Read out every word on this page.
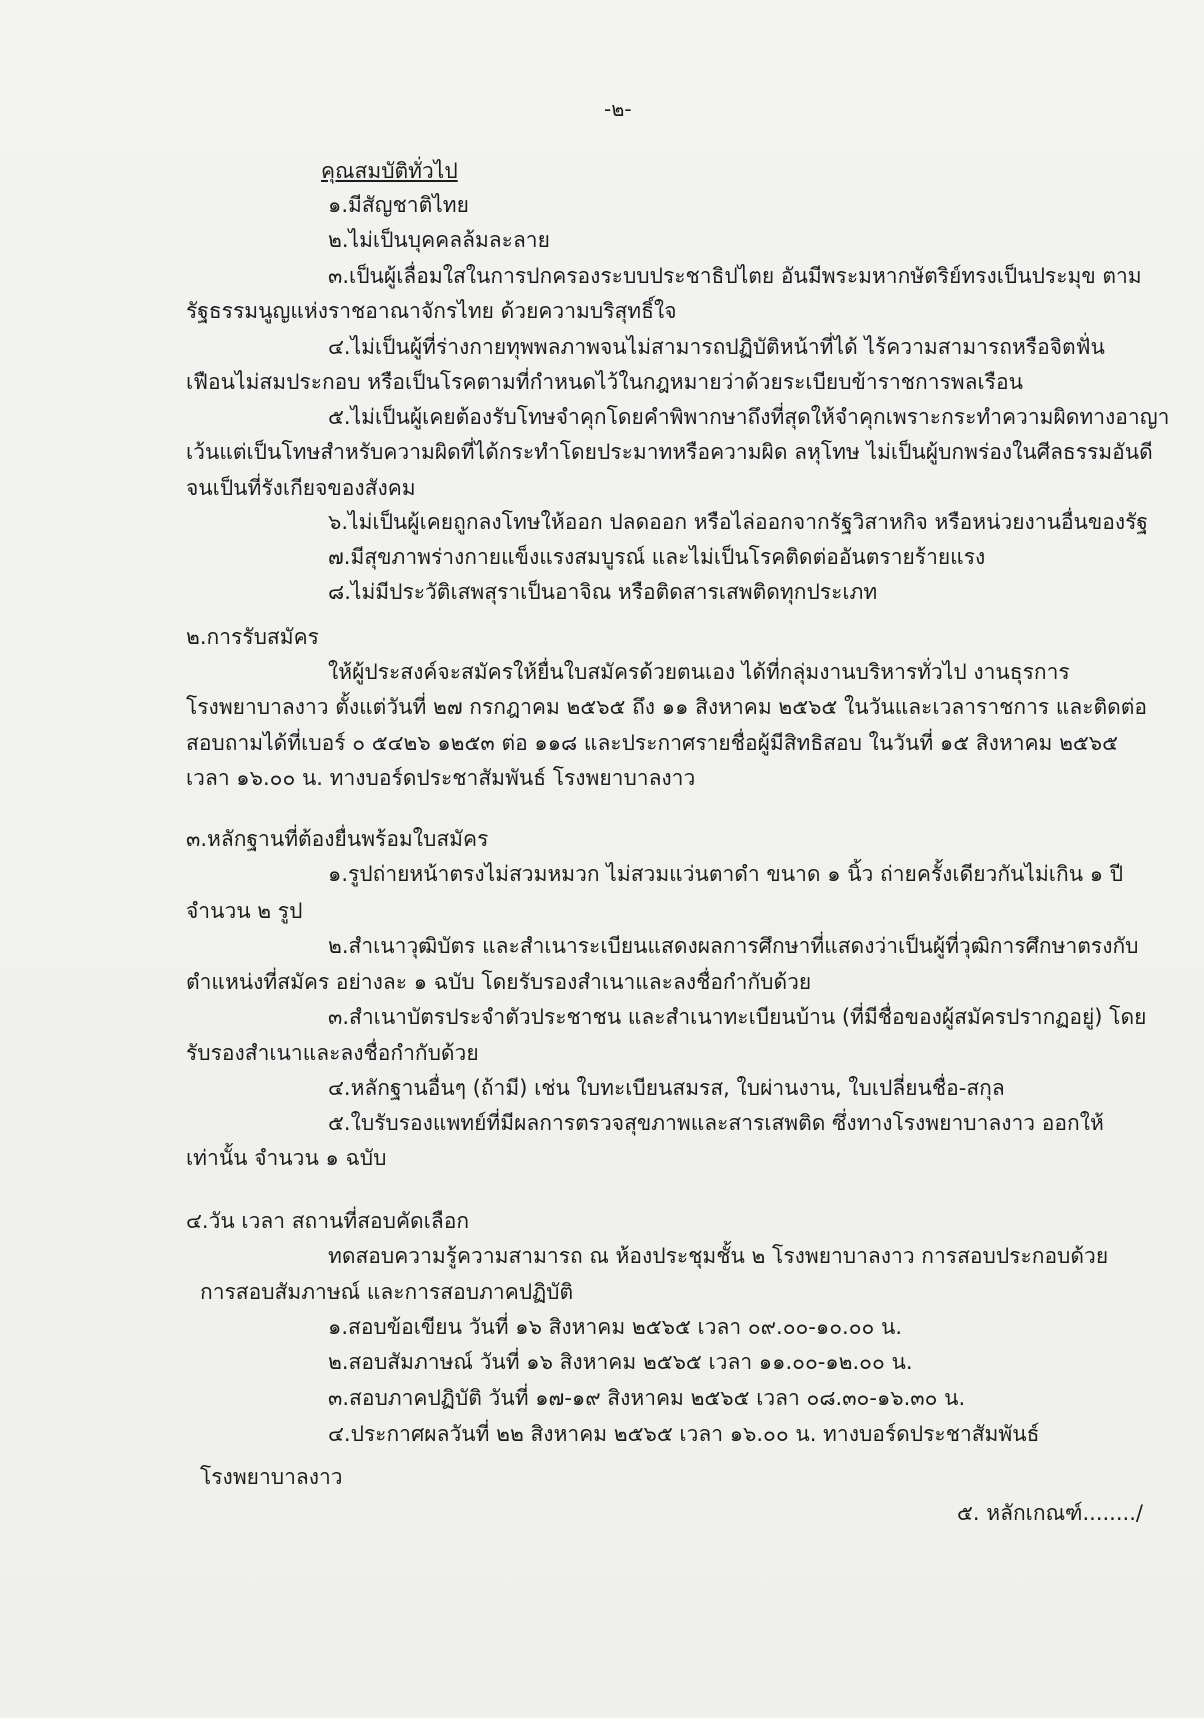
-๒-
คุณสมบัติทั่วไป
๑.มีสัญชาติไทย
๒.ไม่เป็นบุคคลล้มละลาย
๓.เป็นผู้เลื่อมใสในการปกครองระบบประชาธิปไตย อันมีพระมหากษัตริย์ทรงเป็นประมุข ตาม
รัฐธรรมนูญแห่งราชอาณาจักรไทย ด้วยความบริสุทธิ์ใจ
๔.ไม่เป็นผู้ที่ร่างกายทุพพลภาพจนไม่สามารถปฏิบัติหน้าที่ได้ ไร้ความสามารถหรือจิตฟั่น
เฟือนไม่สมประกอบ หรือเป็นโรคตามที่กำหนดไว้ในกฎหมายว่าด้วยระเบียบข้าราชการพลเรือน
๕.ไม่เป็นผู้เคยต้องรับโทษจำคุกโดยคำพิพากษาถึงที่สุดให้จำคุกเพราะกระทำความผิดทางอาญา
เว้นแต่เป็นโทษสำหรับความผิดที่ได้กระทำโดยประมาทหรือความผิด ลหุโทษ ไม่เป็นผู้บกพร่องในศีลธรรมอันดี
จนเป็นที่รังเกียจของสังคม
๖.ไม่เป็นผู้เคยถูกลงโทษให้ออก ปลดออก หรือไล่ออกจากรัฐวิสาหกิจ หรือหน่วยงานอื่นของรัฐ
๗.มีสุขภาพร่างกายแข็งแรงสมบูรณ์ และไม่เป็นโรคติดต่ออันตรายร้ายแรง
๘.ไม่มีประวัติเสพสุราเป็นอาจิณ หรือติดสารเสพติดทุกประเภท
๒.การรับสมัคร
ให้ผู้ประสงค์จะสมัครให้ยื่นใบสมัครด้วยตนเอง ได้ที่กลุ่มงานบริหารทั่วไป งานธุรการ
โรงพยาบาลงาว ตั้งแต่วันที่ ๒๗ กรกฎาคม ๒๕๖๕ ถึง ๑๑ สิงหาคม ๒๕๖๕ ในวันและเวลาราชการ และติดต่อ
สอบถามได้ที่เบอร์ ๐ ๕๔๒๖ ๑๒๕๓ ต่อ ๑๑๘ และประกาศรายชื่อผู้มีสิทธิสอบ ในวันที่ ๑๕ สิงหาคม ๒๕๖๕
เวลา ๑๖.๐๐ น. ทางบอร์ดประชาสัมพันธ์ โรงพยาบาลงาว
๓.หลักฐานที่ต้องยื่นพร้อมใบสมัคร
๑.รูปถ่ายหน้าตรงไม่สวมหมวก ไม่สวมแว่นตาดำ ขนาด ๑ นิ้ว ถ่ายครั้งเดียวกันไม่เกิน ๑ ปี
จำนวน ๒ รูป
๒.สำเนาวุฒิบัตร และสำเนาระเบียนแสดงผลการศึกษาที่แสดงว่าเป็นผู้ที่วุฒิการศึกษาตรงกับ
ตำแหน่งที่สมัคร อย่างละ ๑ ฉบับ โดยรับรองสำเนาและลงชื่อกำกับด้วย
๓.สำเนาบัตรประจำตัวประชาชน และสำเนาทะเบียนบ้าน (ที่มีชื่อของผู้สมัครปรากฏอยู่) โดย
รับรองสำเนาและลงชื่อกำกับด้วย
๔.หลักฐานอื่นๆ (ถ้ามี) เช่น ใบทะเบียนสมรส, ใบผ่านงาน, ใบเปลี่ยนชื่อ-สกุล
๕.ใบรับรองแพทย์ที่มีผลการตรวจสุขภาพและสารเสพติด ซึ่งทางโรงพยาบาลงาว ออกให้
เท่านั้น จำนวน ๑ ฉบับ
๔.วัน เวลา สถานที่สอบคัดเลือก
ทดสอบความรู้ความสามารถ ณ ห้องประชุมชั้น ๒ โรงพยาบาลงาว การสอบประกอบด้วย
การสอบสัมภาษณ์ และการสอบภาคปฏิบัติ
๑.สอบข้อเขียน วันที่ ๑๖ สิงหาคม ๒๕๖๕ เวลา ๐๙.๐๐-๑๐.๐๐ น.
๒.สอบสัมภาษณ์ วันที่ ๑๖ สิงหาคม ๒๕๖๕ เวลา ๑๑.๐๐-๑๒.๐๐ น.
๓.สอบภาคปฏิบัติ วันที่ ๑๗-๑๙ สิงหาคม ๒๕๖๕ เวลา ๐๘.๓๐-๑๖.๓๐ น.
๔.ประกาศผลวันที่ ๒๒ สิงหาคม ๒๕๖๕ เวลา ๑๖.๐๐ น. ทางบอร์ดประชาสัมพันธ์
โรงพยาบาลงาว
๕. หลักเกณฑ์......../
